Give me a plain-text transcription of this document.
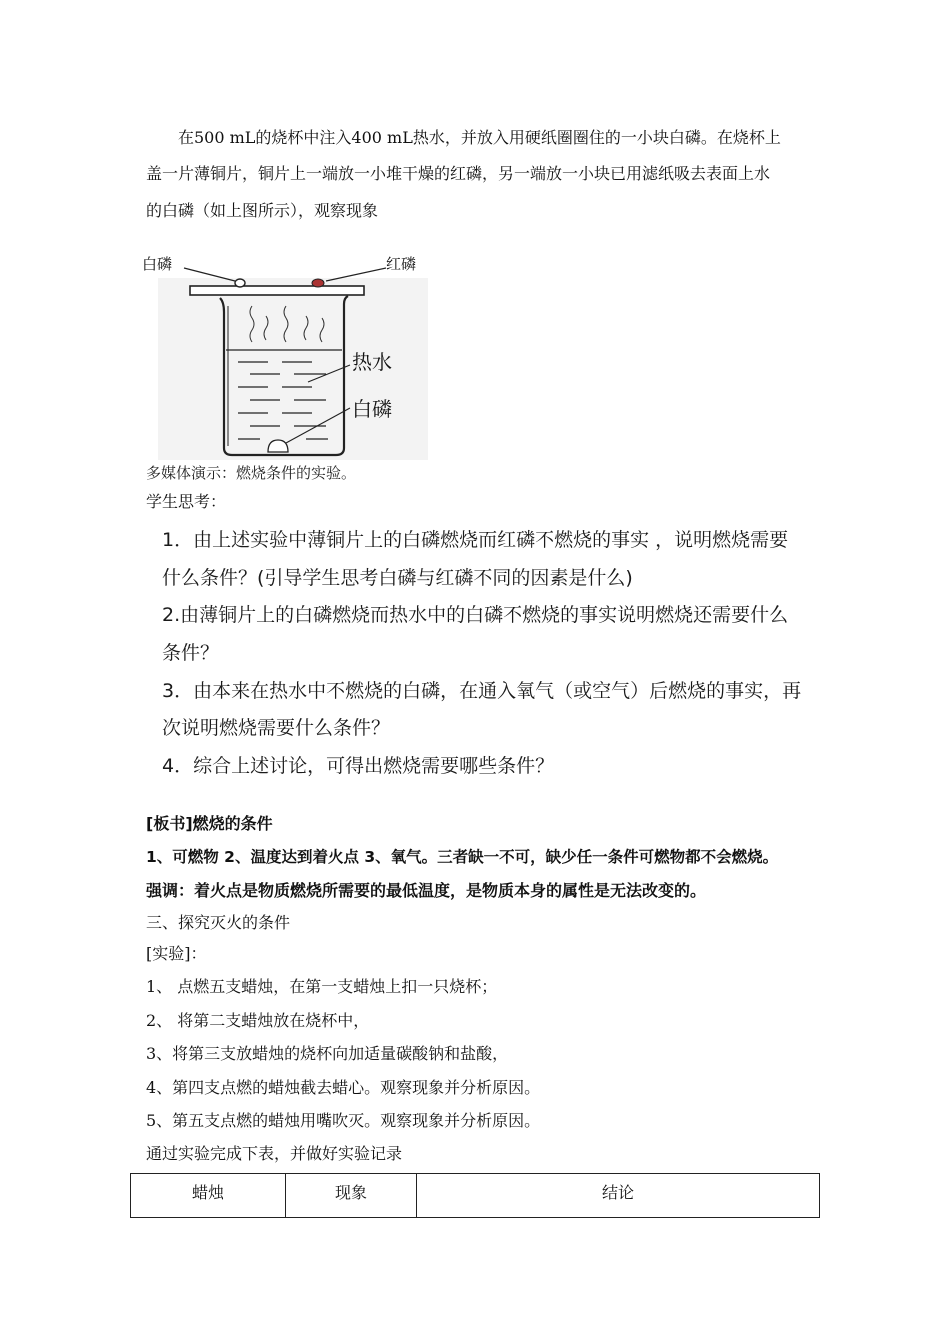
在500 mL的烧杯中注入400 mL热水，并放入用硬纸圈圈住的一小块白磷。在烧杯上
盖一片薄铜片，铜片上一端放一小堆干燥的红磷，另一端放一小块已用滤纸吸去表面上水
的白磷（如上图所示），观察现象
白磷	红磷
热水
白磷
多媒体演示：燃烧条件的实验。
学生思考：
1．由上述实验中薄铜片上的白磷燃烧而红磷不燃烧的事实 ，说明燃烧需要
什么条件？(引导学生思考白磷与红磷不同的因素是什么)
2.由薄铜片上的白磷燃烧而热水中的白磷不燃烧的事实说明燃烧还需要什么
条件？
3．由本来在热水中不燃烧的白磷，在通入氧气（或空气）后燃烧的事实，再
次说明燃烧需要什么条件？
4．综合上述讨论，可得出燃烧需要哪些条件？
[板书]燃烧的条件
1、可燃物 2、温度达到着火点 3、氧气。三者缺一不可，缺少任一条件可燃物都不会燃烧。
强调：着火点是物质燃烧所需要的最低温度，是物质本身的属性是无法改变的。
三、探究灭火的条件
[实验]：
1、 点燃五支蜡烛，在第一支蜡烛上扣一只烧杯；
2、 将第二支蜡烛放在烧杯中，
3、将第三支放蜡烛的烧杯向加适量碳酸钠和盐酸，
4、第四支点燃的蜡烛截去蜡心。观察现象并分析原因。
5、第五支点燃的蜡烛用嘴吹灭。观察现象并分析原因。
通过实验完成下表，并做好实验记录
蜡烛	现象	结论
